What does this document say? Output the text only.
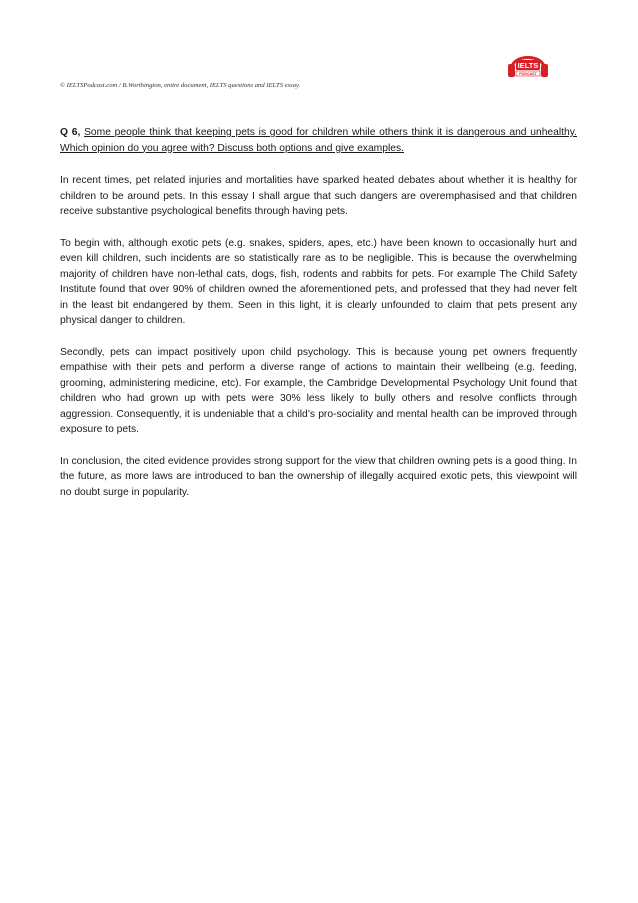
© IELTSPodcast.com / B.Worthington, entire document, IELTS questions and IELTS essay.
IELTS
PODCAST

Q 6, Some people think that keeping pets is good for children while others think it is dangerous and unhealthy. Which opinion do you agree with? Discuss both options and give examples.

In recent times, pet related injuries and mortalities have sparked heated debates about whether it is healthy for children to be around pets. In this essay I shall argue that such dangers are overemphasised and that children receive substantive psychological benefits through having pets.

To begin with, although exotic pets (e.g. snakes, spiders, apes, etc.) have been known to occasionally hurt and even kill children, such incidents are so statistically rare as to be negligible. This is because the overwhelming majority of children have non-lethal cats, dogs, fish, rodents and rabbits for pets. For example The Child Safety Institute found that over 90% of children owned the aforementioned pets, and professed that they had never felt in the least bit endangered by them. Seen in this light, it is clearly unfounded to claim that pets present any physical danger to children.

Secondly, pets can impact positively upon child psychology. This is because young pet owners frequently empathise with their pets and perform a diverse range of actions to maintain their wellbeing (e.g. feeding, grooming, administering medicine, etc). For example, the Cambridge Developmental Psychology Unit found that children who had grown up with pets were 30% less likely to bully others and resolve conflicts through aggression. Consequently, it is undeniable that a child’s pro-sociality and mental health can be improved through exposure to pets.

In conclusion, the cited evidence provides strong support for the view that children owning pets is a good thing. In the future, as more laws are introduced to ban the ownership of illegally acquired exotic pets, this viewpoint will no doubt surge in popularity.
